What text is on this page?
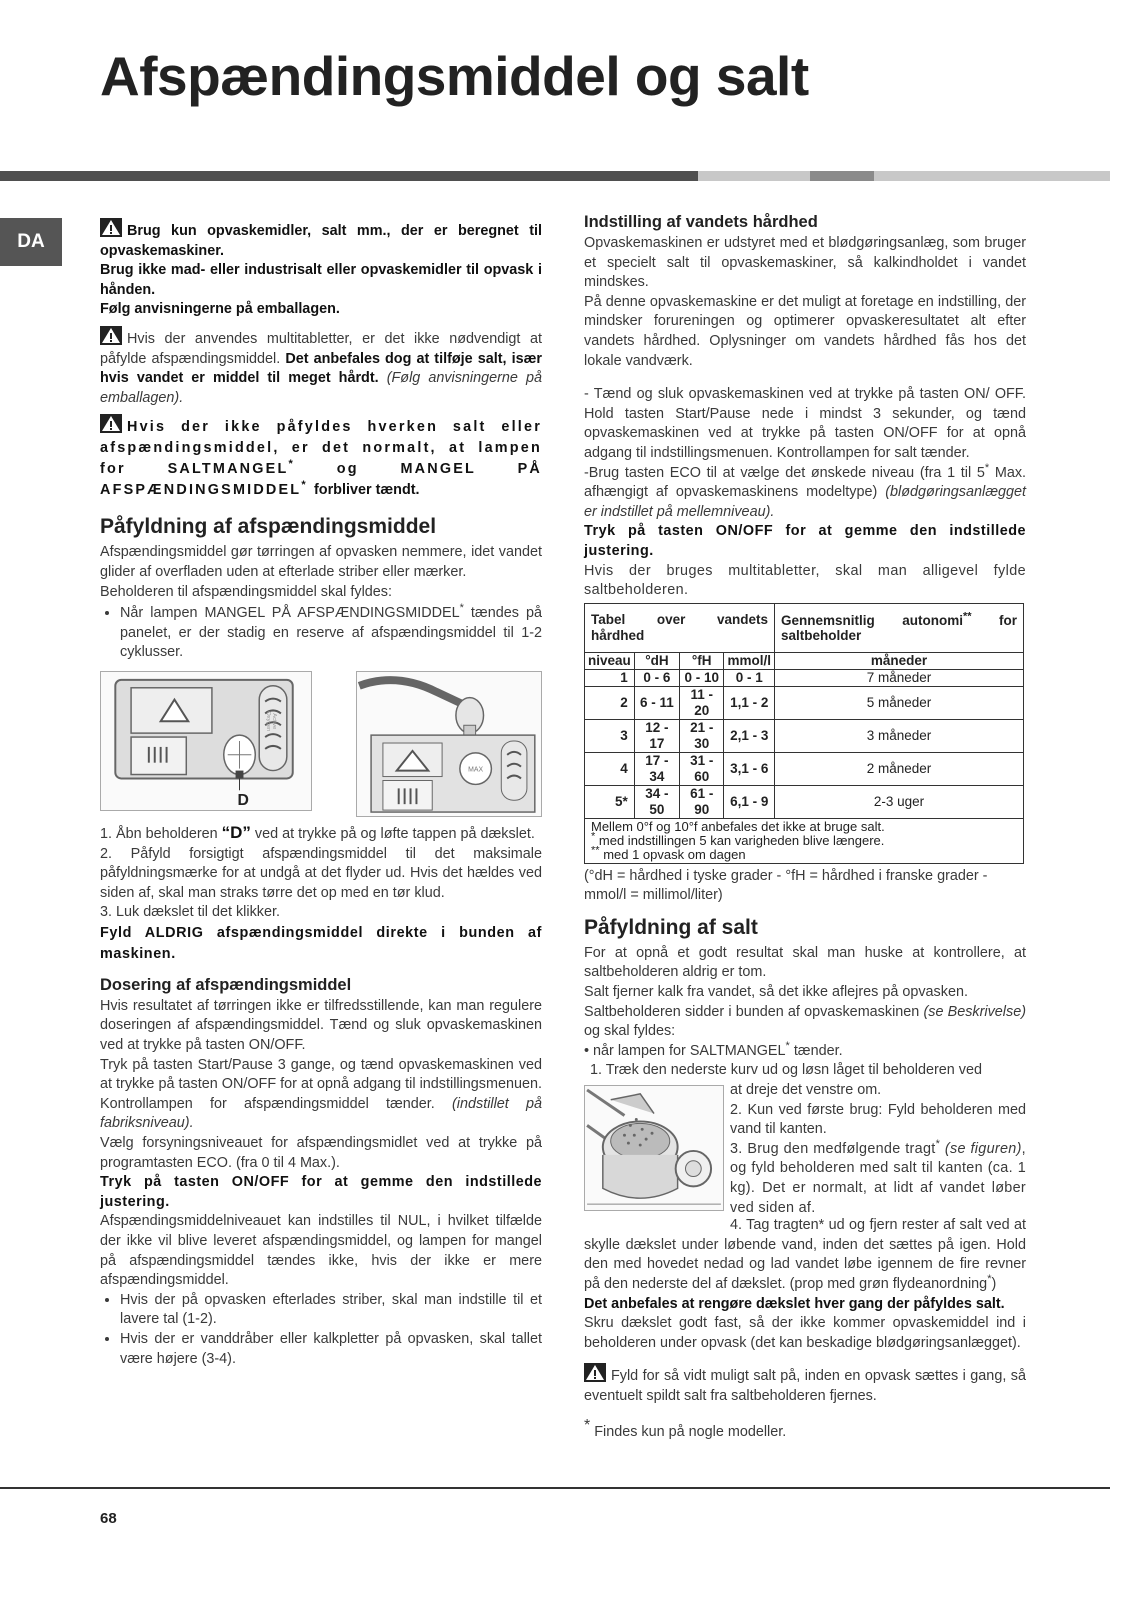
Afspændingsmiddel og salt
DA	Brug kun opvaskemidler, salt mm., der er beregnet til opvaskemaskiner.

Brug ikke mad- eller industrisalt eller opvaskemidler til opvask i hånden.

Følg anvisningerne på emballagen.

Hvis der anvendes multitabletter, er det ikke nødvendigt at påfylde afspændingsmiddel. Det anbefales dog at tilføje salt, især hvis vandet er middel til meget hårdt. (Følg anvisningerne på emballagen).

Hvis der ikke påfyldes hverken salt eller afspændingsmiddel, er det normalt, at lampen for SALTMANGEL*	og MANGEL PÅ AFSPÆNDINGSMIDDEL* forbliver tændt.

Påfyldning af afspændingsmiddel

Afspændingsmiddel gør tørringen af opvasken nemmere, idet vandet glider af overfladen uden at efterlade striber eller mærker.

Beholderen til afspændingsmiddel skal fyldes:

• Når lampen MANGEL PÅ AFSPÆNDINGSMIDDEL* tændes på panelet, er der stadig en reserve af afspændingsmiddel til 1-2 cyklusser.
Active
Oxygen
D
MAX

1. Åbn beholderen “D” ved at trykke på og løfte tappen på dækslet.

2. Påfyld forsigtigt afspændingsmiddel til det maksimale påfyldningsmærke for at undgå at det flyder ud. Hvis det hældes ved siden af, skal man straks tørre det op med en tør klud.

3. Luk dækslet til det klikker.

Fyld ALDRIG afspændingsmiddel direkte i bunden af maskinen.

Dosering af afspændingsmiddel

Hvis resultatet af tørringen ikke er tilfredsstillende, kan man regulere doseringen af afspændingsmiddel. Tænd og sluk opvaskemaskinen ved at trykke på tasten ON/OFF.

Tryk på tasten Start/Pause 3 gange, og tænd opvaskemaskinen ved at trykke på tasten ON/OFF for at opnå adgang til indstillingsmenuen. Kontrollampen for afspændingsmiddel tænder. (indstillet på fabriksniveau).

Vælg forsyningsniveauet for afspændingsmidlet ved at trykke på programtasten ECO. (fra 0 til 4 Max.).

Tryk på tasten ON/OFF for at gemme den indstillede justering.

Afspændingsmiddelniveauet kan indstilles til NUL, i hvilket tilfælde der ikke vil blive leveret afspændingsmiddel, og lampen for mangel på afspændingsmiddel tændes ikke, hvis der ikke er mere afspændingsmiddel.

• Hvis der på opvasken efterlades striber, skal man indstille til et lavere tal (1-2).
• Hvis der er vanddråber eller kalkpletter på opvasken, skal tallet være højere (3-4).
Indstilling af vandets hårdhed

Opvaskemaskinen er udstyret med et blødgøringsanlæg, som bruger et specielt salt til opvaskemaskiner, så kalkindholdet i vandet mindskes.

På denne opvaskemaskine er det muligt at foretage en indstilling, der mindsker forureningen og optimerer opvaskeresultatet alt efter vandets hårdhed. Oplysninger om vandets hårdhed fås hos det lokale vandværk.

- Tænd og sluk opvaskemaskinen ved at trykke på tasten ON/ OFF. Hold tasten Start/Pause nede i mindst 3 sekunder, og tænd opvaskemaskinen ved at trykke på tasten ON/OFF for at opnå adgang til indstillingsmenuen. Kontrollampen for salt tænder.

-Brug tasten ECO til at vælge det ønskede niveau (fra 1 til 5* Max. afhængigt af opvaskemaskinens modeltype) (blødgøringsanlægget er indstillet på mellemniveau).

Tryk på tasten ON/OFF for at gemme den indstillede justering.

Hvis der bruges multitabletter, skal man alligevel fylde saltbeholderen.

Tabel over vandets hårdhed				Gennemsnitlig autonomi** for saltbeholder
niveau	°dH	°fH	mmol/l	måneder
1	0 - 6	0 - 10	0 - 1	7 måneder
2	6 - 11	11 - 20	1,1 - 2	5 måneder
3	12 - 17	21 - 30	2,1 - 3	3 måneder
4	17 - 34	31 - 60	3,1 - 6	2 måneder
5*	34 - 50	61 - 90	6,1 - 9	2-3 uger

Mellem 0°f og 10°f anbefales det ikke at bruge salt.
* med indstillingen 5 kan varigheden blive længere.
** med 1 opvask om dagen				

(°dH = hårdhed i tyske grader - °fH = hårdhed i franske grader - mmol/l = millimol/liter)

Påfyldning af salt

For at opnå et godt resultat skal man huske at kontrollere, at saltbeholderen aldrig er tom.

Salt fjerner kalk fra vandet, så det ikke aflejres på opvasken.

Saltbeholderen sidder i bunden af opvaskemaskinen (se Beskrivelse) og skal fyldes:

• når lampen for SALTMANGEL* tænder.

1. Træk den nederste kurv ud og løsn låget til beholderen ved

at dreje det venstre om.

2. Kun ved første brug: Fyld beholderen med vand til kanten.

3. Brug den medfølgende tragt* (se figuren), og fyld beholderen med salt til kanten (ca. 1 kg). Det er normalt, at lidt af vandet løber ved siden af.

4. Tag tragten* ud og fjern rester af salt ved at skylle dækslet under løbende vand, inden det sættes på igen. Hold den med hovedet nedad og lad vandet løbe igennem de fire revner på den nederste del af dækslet. (prop med grøn flydeanordning*)

Det anbefales at rengøre dækslet hver gang der påfyldes salt.

Skru dækslet godt fast, så der ikke kommer opvaskemiddel ind i beholderen under opvask (det kan beskadige blødgøringsanlægget).

Fyld for så vidt muligt salt på, inden en opvask sættes i gang, så eventuelt spildt salt fra saltbeholderen fjernes.

* Findes kun på nogle modeller.
68
